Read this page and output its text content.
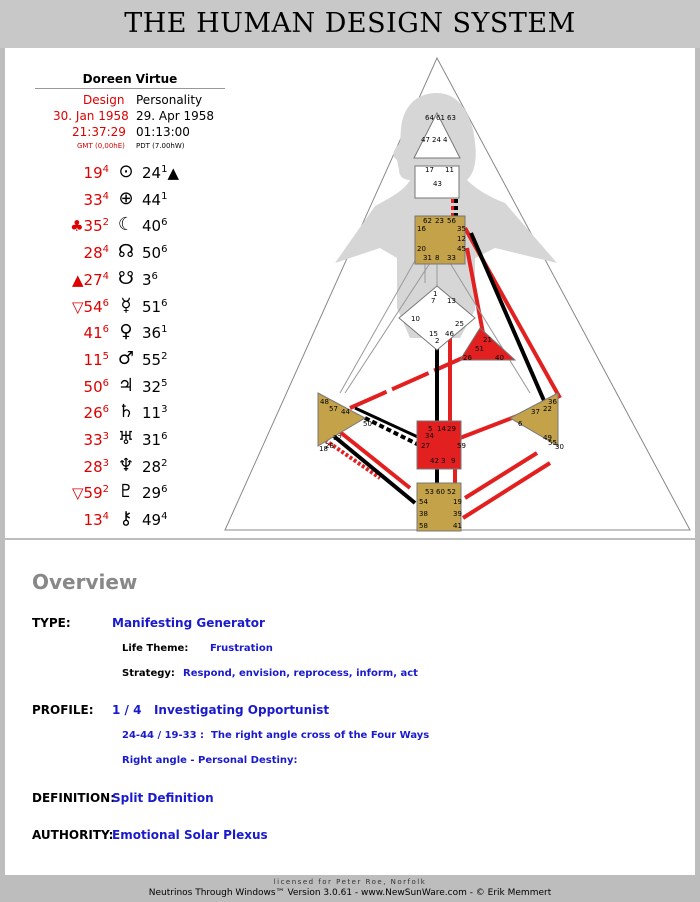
THE HUMAN DESIGN SYSTEM
Doreen Virtue
Design
30. Jan 1958
21:37:29
GMT (0,00hE)
Personality
29. Apr 1958
01:13:00
PDT (7.00hW)
$19^4$ ⊙ $24^1▲$
$33^4$ ⊕ $44^1$
$♣35^2$ ☾ $40^6$
$28^4$ ☊ $50^6$
$▲27^4$ ☋ $3^6$
$▽54^6$ ☿ $51^6$
$41^6$ ♀ $36^1$
$11^5$ ♂ $55^2$
$50^6$ ♃ $32^5$
$26^6$ ♄ $11^3$
$33^3$ ♅ $31^6$
$28^3$ ♆ $28^2$
$▽59^2$ ♇ $29^6$
$13^4$ ⚷ $49^4$
64 61 63
47 24 4
17
43
11
62 23 56
16	35
12
20	45
31 8 33
1
7 13
10
15
2
46
25
21
51
26	40
48
57 44
50
32
28
18
5 14 29
34
27	59
42 3 9
36
22
37
6
49
55
30
53 60 52
54	19
38	39
58	41
Overview
TYPE:	Manifesting Generator
Life Theme: Frustration
Strategy: Respond, envision, reprocess, inform, act
PROFILE: 1 / 4   Investigating Opportunist
24-44 / 19-33 :  The right angle cross of the Four Ways
Right angle - Personal Destiny:
DEFINITION:
Split Definition
AUTHORITY:
Emotional Solar Plexus
licensed for Peter Roe, Norfolk
Neutrinos Through Windows™ Version 3.0.61 - www.NewSunWare.com - © Erik Memmert
